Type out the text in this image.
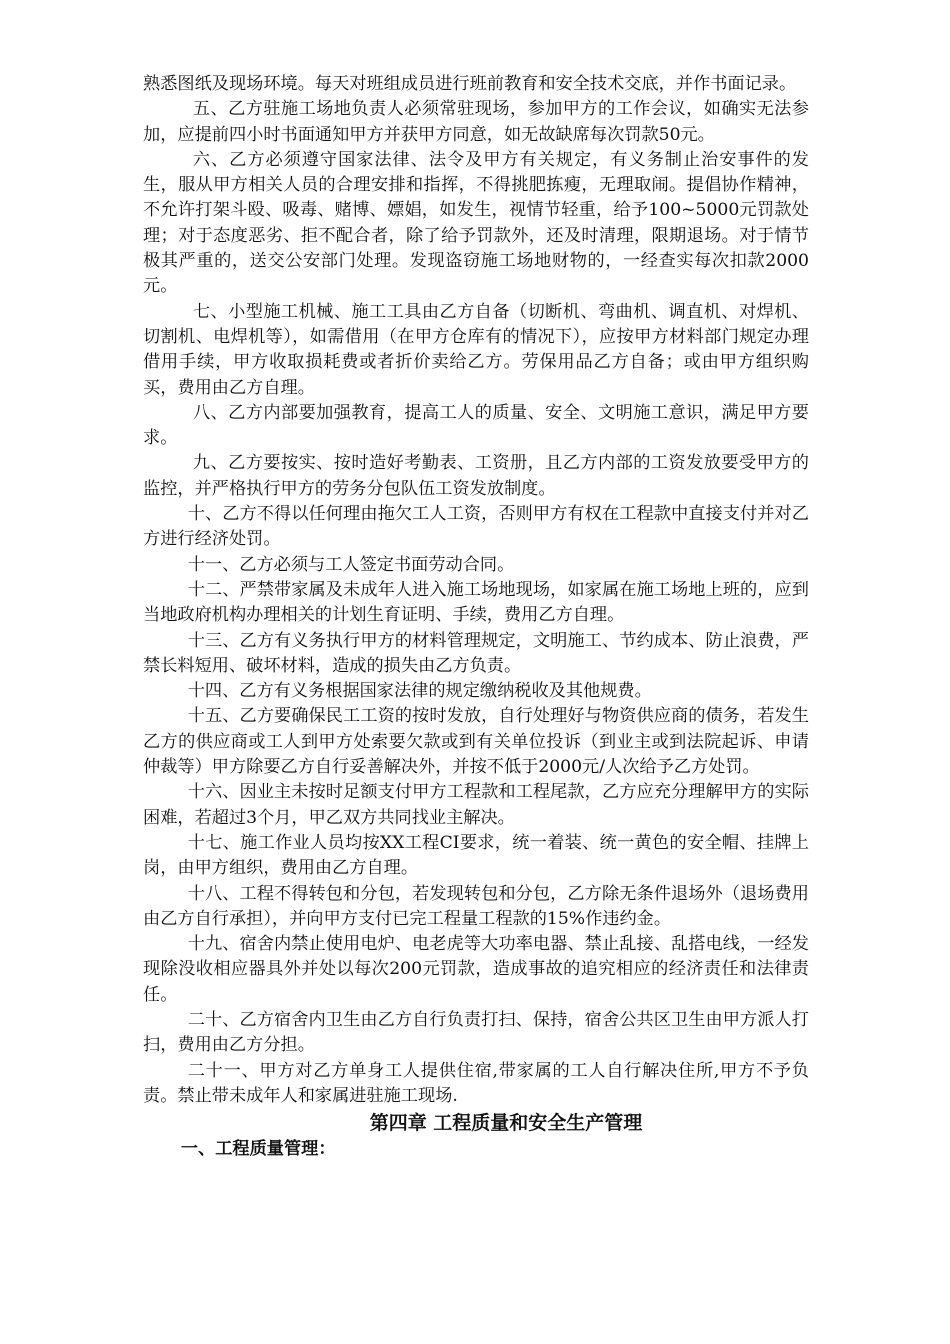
熟悉图纸及现场环境。每天对班组成员进行班前教育和安全技术交底，并作书面记录。

五、乙方驻施工场地负责人必须常驻现场，参加甲方的工作会议，如确实无法参加，应提前四小时书面通知甲方并获甲方同意，如无故缺席每次罚款50元。

六、乙方必须遵守国家法律、法令及甲方有关规定，有义务制止治安事件的发生，服从甲方相关人员的合理安排和指挥，不得挑肥拣瘦，无理取闹。提倡协作精神，不允许打架斗殴、吸毒、赌博、嫖娼，如发生，视情节轻重，给予100~5000元罚款处理；对于态度恶劣、拒不配合者，除了给予罚款外，还及时清理，限期退场。对于情节极其严重的，送交公安部门处理。发现盗窃施工场地财物的，一经查实每次扣款2000元。

七、小型施工机械、施工工具由乙方自备（切断机、弯曲机、调直机、对焊机、切割机、电焊机等），如需借用（在甲方仓库有的情况下），应按甲方材料部门规定办理借用手续，甲方收取损耗费或者折价卖给乙方。劳保用品乙方自备；或由甲方组织购买，费用由乙方自理。

八、乙方内部要加强教育，提高工人的质量、安全、文明施工意识，满足甲方要求。

九、乙方要按实、按时造好考勤表、工资册，且乙方内部的工资发放要受甲方的监控，并严格执行甲方的劳务分包队伍工资发放制度。

十、乙方不得以任何理由拖欠工人工资，否则甲方有权在工程款中直接支付并对乙方进行经济处罚。

十一、乙方必须与工人签定书面劳动合同。

十二、严禁带家属及未成年人进入施工场地现场，如家属在施工场地上班的，应到当地政府机构办理相关的计划生育证明、手续，费用乙方自理。

十三、乙方有义务执行甲方的材料管理规定，文明施工、节约成本、防止浪费，严禁长料短用、破坏材料，造成的损失由乙方负责。

十四、乙方有义务根据国家法律的规定缴纳税收及其他规费。

十五、乙方要确保民工工资的按时发放，自行处理好与物资供应商的债务，若发生乙方的供应商或工人到甲方处索要欠款或到有关单位投诉（到业主或到法院起诉、申请仲裁等）甲方除要乙方自行妥善解决外，并按不低于2000元/人次给予乙方处罚。

十六、因业主未按时足额支付甲方工程款和工程尾款，乙方应充分理解甲方的实际困难，若超过3个月，甲乙双方共同找业主解决。

十七、施工作业人员均按XX工程CI要求，统一着装、统一黄色的安全帽、挂牌上岗，由甲方组织，费用由乙方自理。

十八、工程不得转包和分包，若发现转包和分包，乙方除无条件退场外（退场费用由乙方自行承担），并向甲方支付已完工程量工程款的15%作违约金。

十九、宿舍内禁止使用电炉、电老虎等大功率电器、禁止乱接、乱搭电线，一经发现除没收相应器具外并处以每次200元罚款，造成事故的追究相应的经济责任和法律责任。

二十、乙方宿舍内卫生由乙方自行负责打扫、保持，宿舍公共区卫生由甲方派人打扫，费用由乙方分担。

二十一、甲方对乙方单身工人提供住宿,带家属的工人自行解决住所,甲方不予负责。禁止带未成年人和家属进驻施工现场.

第四章 工程质量和安全生产管理
一、工程质量管理：
